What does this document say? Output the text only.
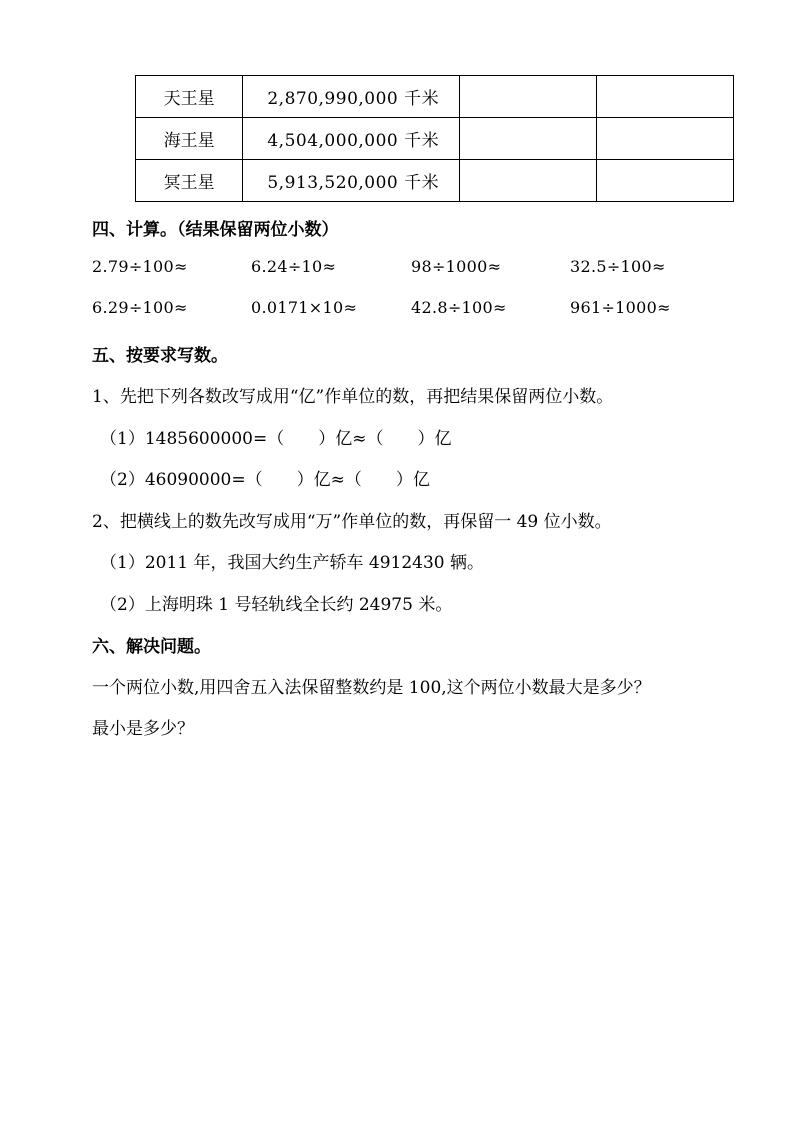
天王星	2,870,990,000 千米		
海王星	4,504,000,000 千米		
冥王星	5,913,520,000 千米		
四、计算。（结果保留两位小数）
2.79÷100≈	6.24÷10≈	98÷1000≈	32.5÷100≈
6.29÷100≈	0.0171×10≈	42.8÷100≈	961÷1000≈
五、按要求写数。
1、先把下列各数改写成用“亿”作单位的数，再把结果保留两位小数。
（1）1485600000=（　　）亿≈（　　）亿
（2）46090000=（　　）亿≈（　　）亿
2、把横线上的数先改写成用“万”作单位的数，再保留一 49 位小数。
（1）2011 年，我国大约生产轿车 4912430 辆。
（2）上海明珠 1 号轻轨线全长约 24975 米。
六、解决问题。
一个两位小数,用四舍五入法保留整数约是 100,这个两位小数最大是多少？
最小是多少？
